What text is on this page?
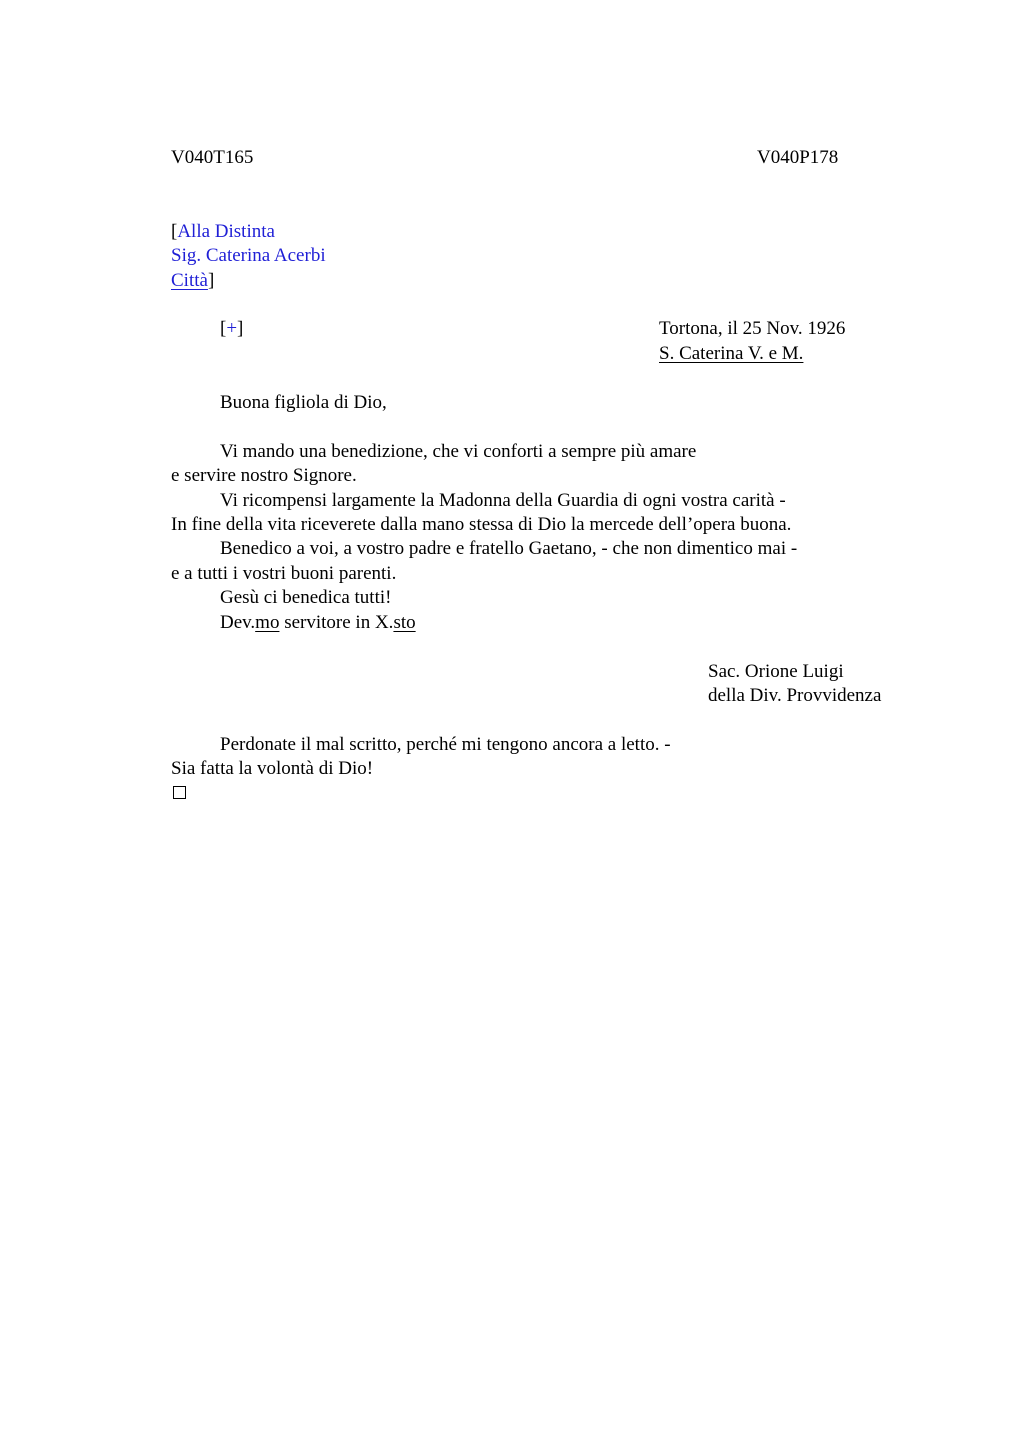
V040T165	V040P178
[Alla Distinta
Sig. Caterina Acerbi
Città]
[+]	Tortona, il 25 Nov. 1926
S. Caterina V. e M.
Buona figliola di Dio,
Vi mando una benedizione, che vi conforti a sempre più amare
e servire nostro Signore.
Vi ricompensi largamente la Madonna della Guardia di ogni vostra carità -
In fine della vita riceverete dalla mano stessa di Dio la mercede dell’opera buona.
Benedico a voi, a vostro padre e fratello Gaetano, - che non dimentico mai -
e a tutti i vostri buoni parenti.
Gesù ci benedica tutti!
Dev.mo servitore in X.sto
Sac. Orione Luigi
della Div. Provvidenza
Perdonate il mal scritto, perché mi tengono ancora a letto. -
Sia fatta la volontà di Dio!
